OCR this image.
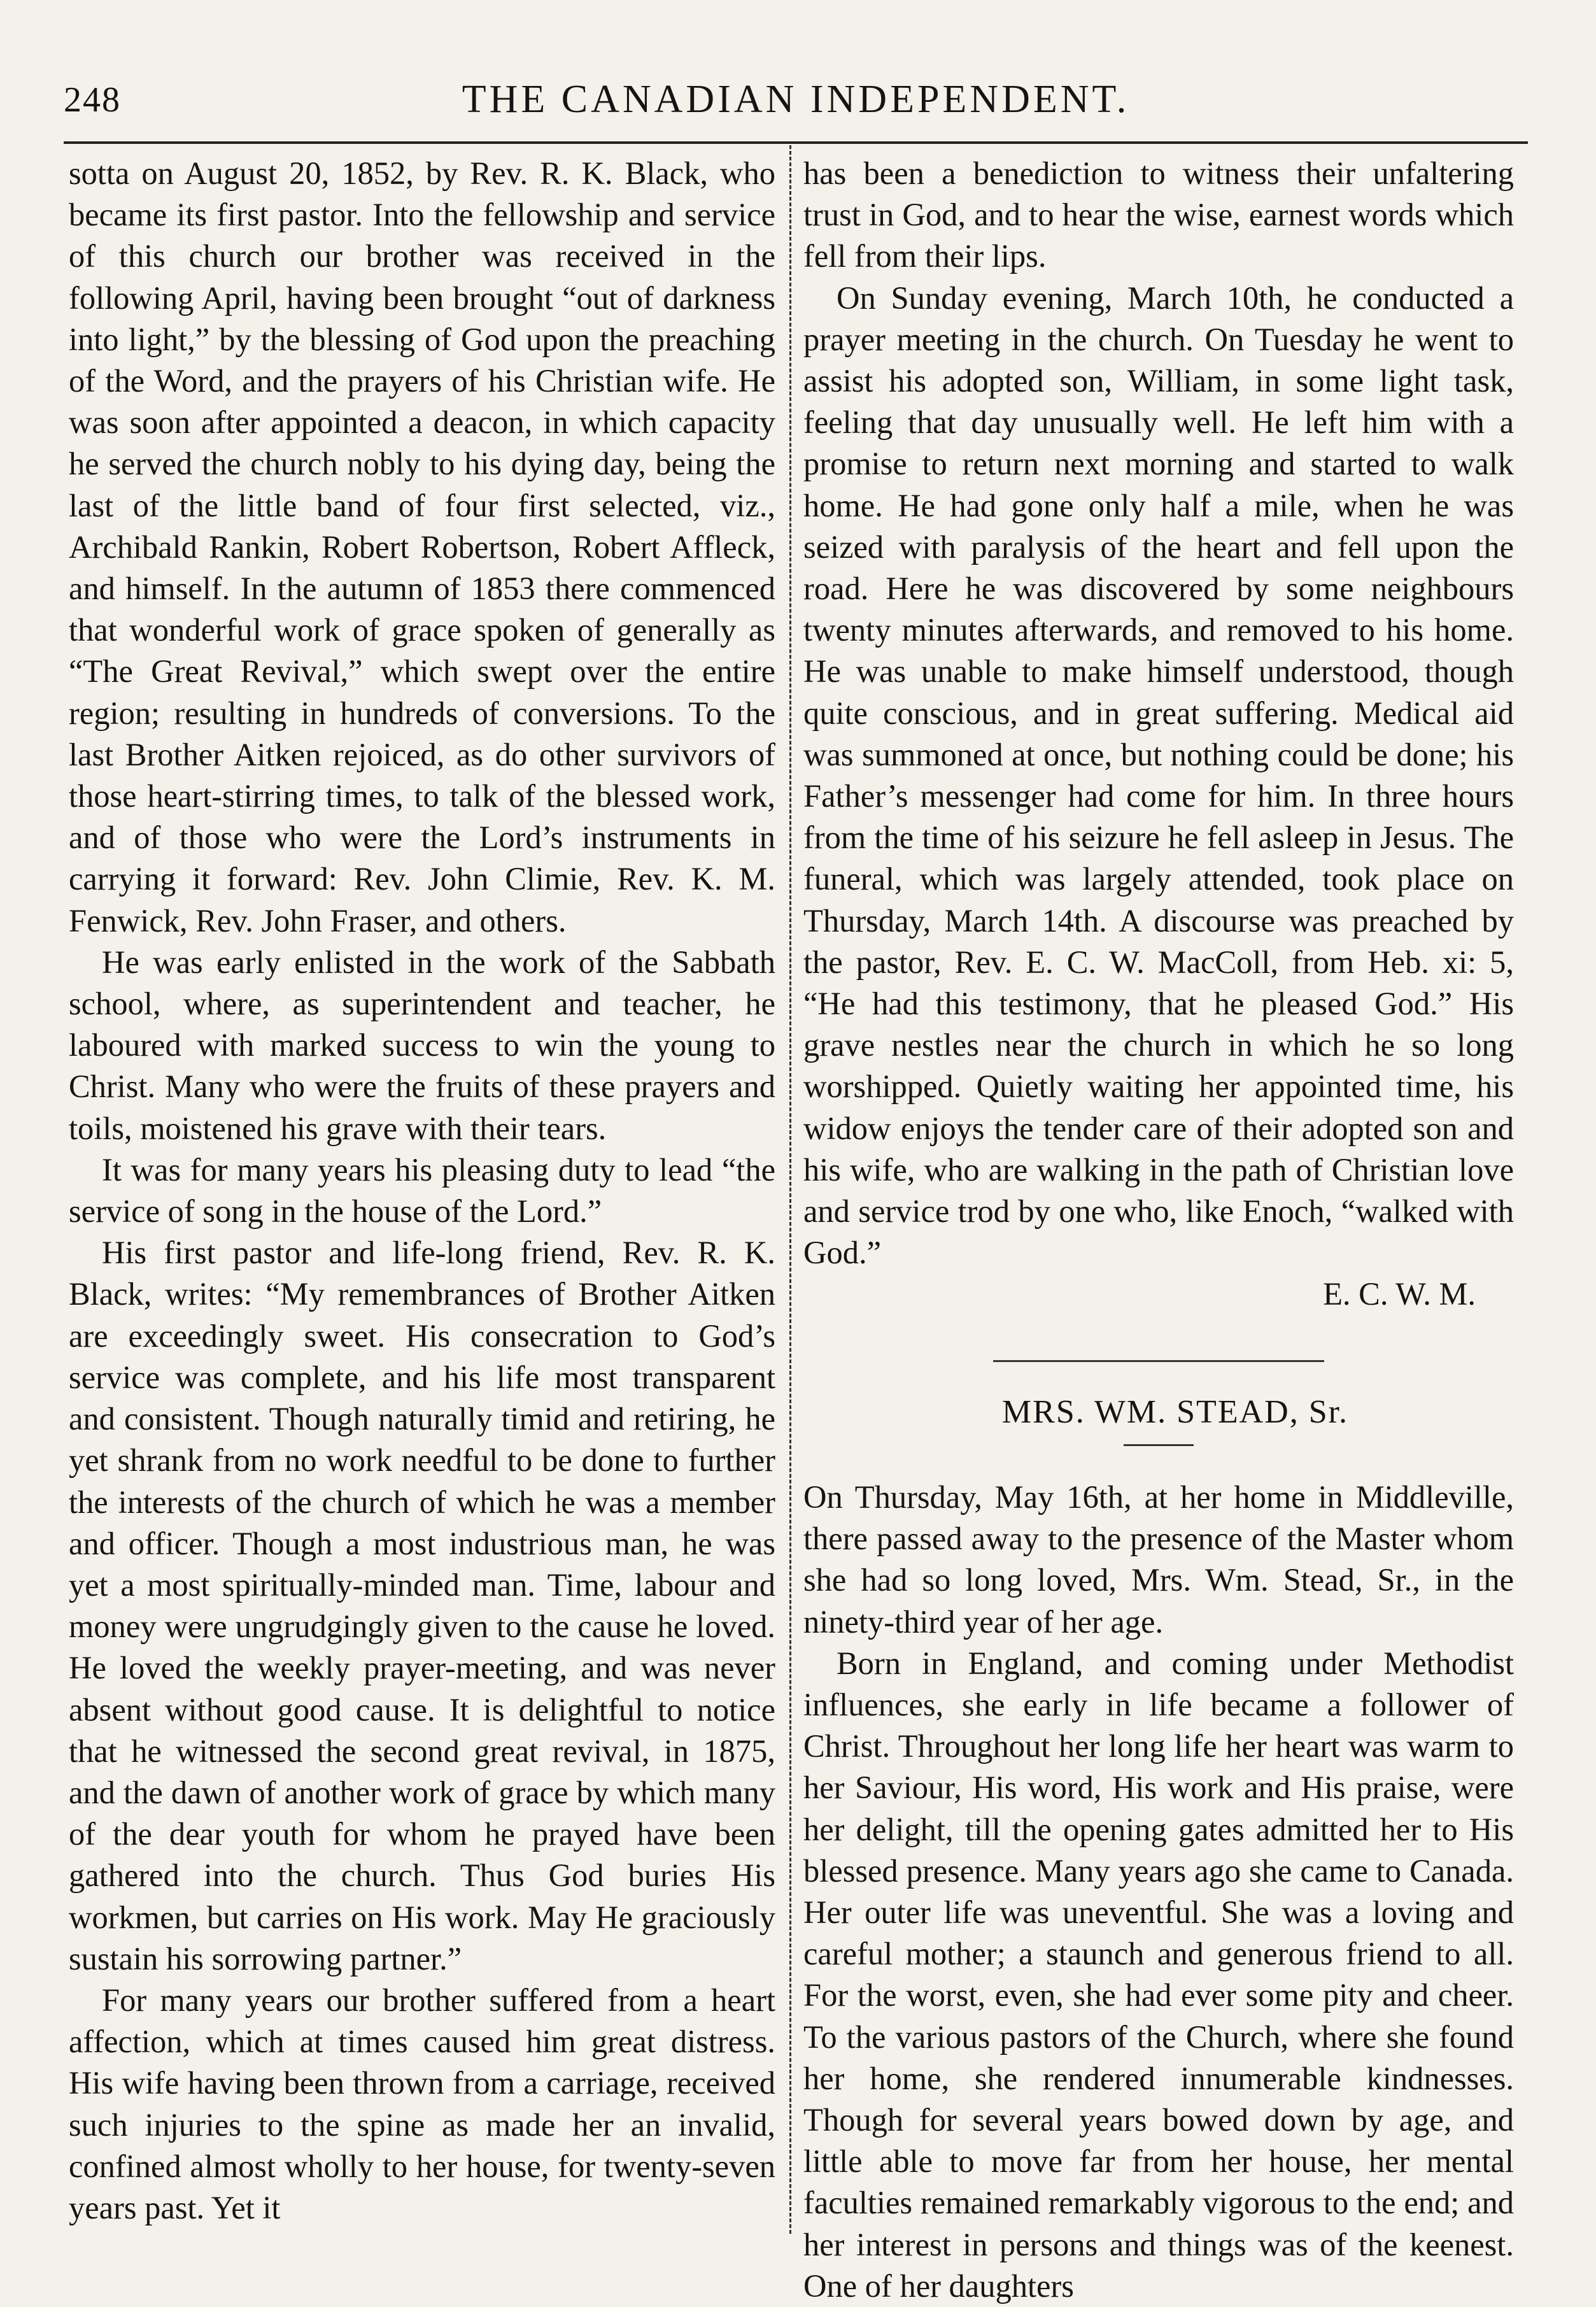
248	THE CANADIAN INDEPENDENT.

sotta on August 20, 1852, by Rev. R. K. Black, who became its first pastor. Into the fellowship and service of this church our brother was received in the following April, having been brought “out of darkness into light,” by the blessing of God upon the preaching of the Word, and the prayers of his Christian wife. He was soon after appointed a deacon, in which capacity he served the church nobly to his dying day, being the last of the little band of four first selected, viz., Archibald Rankin, Robert Robertson, Robert Affleck, and himself. In the autumn of 1853 there commenced that wonderful work of grace spoken of generally as “The Great Revival,” which swept over the entire region; resulting in hundreds of conversions. To the last Brother Aitken rejoiced, as do other survivors of those heart-stirring times, to talk of the blessed work, and of those who were the Lord’s instruments in carrying it forward: Rev. John Climie, Rev. K. M. Fenwick, Rev. John Fraser, and others.

He was early enlisted in the work of the Sabbath school, where, as superintendent and teacher, he laboured with marked success to win the young to Christ. Many who were the fruits of these prayers and toils, moistened his grave with their tears.

It was for many years his pleasing duty to lead “the service of song in the house of the Lord.”

His first pastor and life-long friend, Rev. R. K. Black, writes: “My remembrances of Brother Aitken are exceedingly sweet. His consecration to God’s service was complete, and his life most transparent and consistent. Though naturally timid and retiring, he yet shrank from no work needful to be done to further the interests of the church of which he was a member and officer. Though a most industrious man, he was yet a most spiritually-minded man. Time, labour and money were ungrudgingly given to the cause he loved. He loved the weekly prayer-meeting, and was never absent without good cause. It is delightful to notice that he witnessed the second great revival, in 1875, and the dawn of another work of grace by which many of the dear youth for whom he prayed have been gathered into the church. Thus God buries His workmen, but carries on His work. May He graciously sustain his sorrowing partner.”

For many years our brother suffered from a heart affection, which at times caused him great distress. His wife having been thrown from a carriage, received such injuries to the spine as made her an invalid, confined almost wholly to her house, for twenty-seven years past. Yet it

has been a benediction to witness their unfaltering trust in God, and to hear the wise, earnest words which fell from their lips.

On Sunday evening, March 10th, he conducted a prayer meeting in the church. On Tuesday he went to assist his adopted son, William, in some light task, feeling that day unusually well. He left him with a promise to return next morning and started to walk home. He had gone only half a mile, when he was seized with paralysis of the heart and fell upon the road. Here he was discovered by some neighbours twenty minutes afterwards, and removed to his home. He was unable to make himself understood, though quite conscious, and in great suffering. Medical aid was summoned at once, but nothing could be done; his Father’s messenger had come for him. In three hours from the time of his seizure he fell asleep in Jesus. The funeral, which was largely attended, took place on Thursday, March 14th. A discourse was preached by the pastor, Rev. E. C. W. MacColl, from Heb. xi: 5, “He had this testimony, that he pleased God.” His grave nestles near the church in which he so long worshipped. Quietly waiting her appointed time, his widow enjoys the tender care of their adopted son and his wife, who are walking in the path of Christian love and service trod by one who, like Enoch, “walked with God.”

E. C. W. M.

MRS. WM. STEAD, Sr.

On Thursday, May 16th, at her home in Middleville, there passed away to the presence of the Master whom she had so long loved, Mrs. Wm. Stead, Sr., in the ninety-third year of her age.

Born in England, and coming under Methodist influences, she early in life became a follower of Christ. Throughout her long life her heart was warm to her Saviour, His word, His work and His praise, were her delight, till the opening gates admitted her to His blessed presence. Many years ago she came to Canada. Her outer life was uneventful. She was a loving and careful mother; a staunch and generous friend to all. For the worst, even, she had ever some pity and cheer. To the various pastors of the Church, where she found her home, she rendered innumerable kindnesses. Though for several years bowed down by age, and little able to move far from her house, her mental faculties remained remarkably vigorous to the end; and her interest in persons and things was of the keenest. One of her daughters
